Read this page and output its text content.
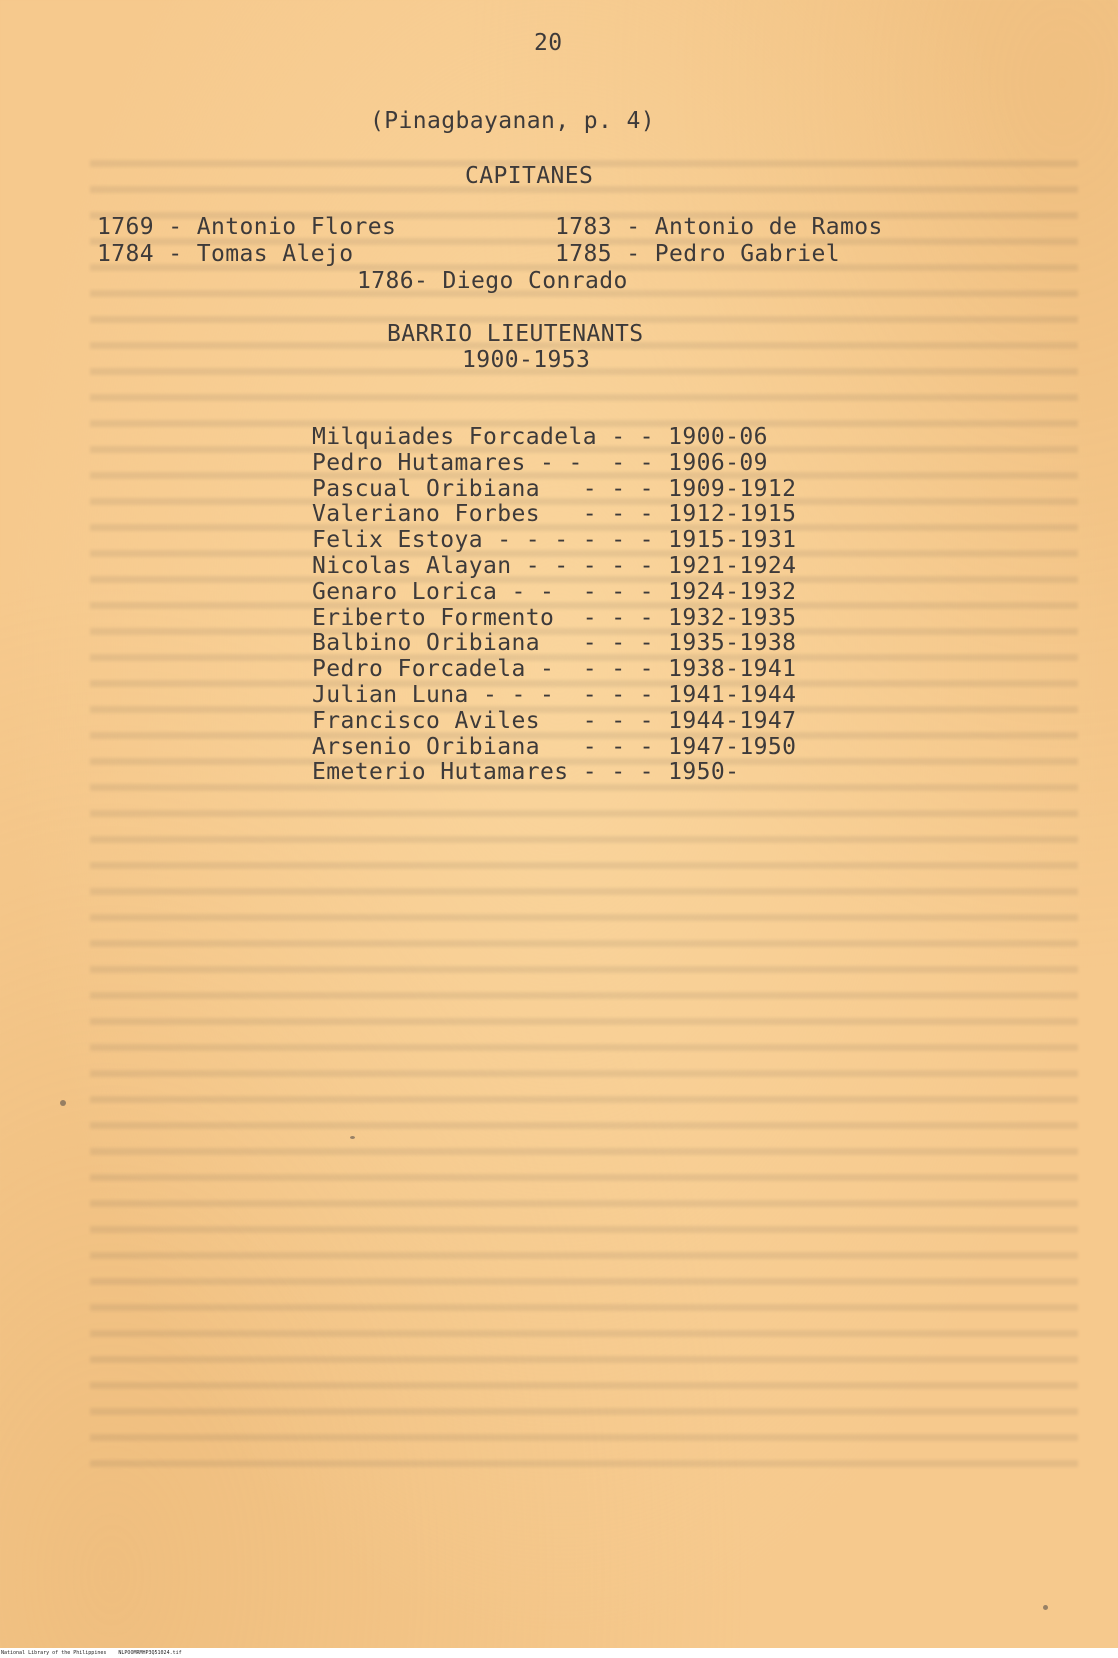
20
(Pinagbayanan, p. 4)
CAPITANES
1769 - Antonio Flores	1783 - Antonio de Ramos
1784 - Tomas Alejo	1785 - Pedro Gabriel
1786- Diego Conrado
BARRIO LIEUTENANTS
1900-1953
Milquiades Forcadela - - 1900-06
Pedro Hutamares - -  - - 1906-09
Pascual Oribiana   - - - 1909-1912
Valeriano Forbes   - - - 1912-1915
Felix Estoya - - - - - - 1915-1931
Nicolas Alayan - - - - - 1921-1924
Genaro Lorica - -  - - - 1924-1932
Eriberto Formento  - - - 1932-1935
Balbino Oribiana   - - - 1935-1938
Pedro Forcadela -  - - - 1938-1941
Julian Luna - - -  - - - 1941-1944
Francisco Aviles   - - - 1944-1947
Arsenio Oribiana   - - - 1947-1950
Emeterio Hutamares - - - 1950-
National Library of the Philippines    NLPOOMRMHP3Q51024.tif
